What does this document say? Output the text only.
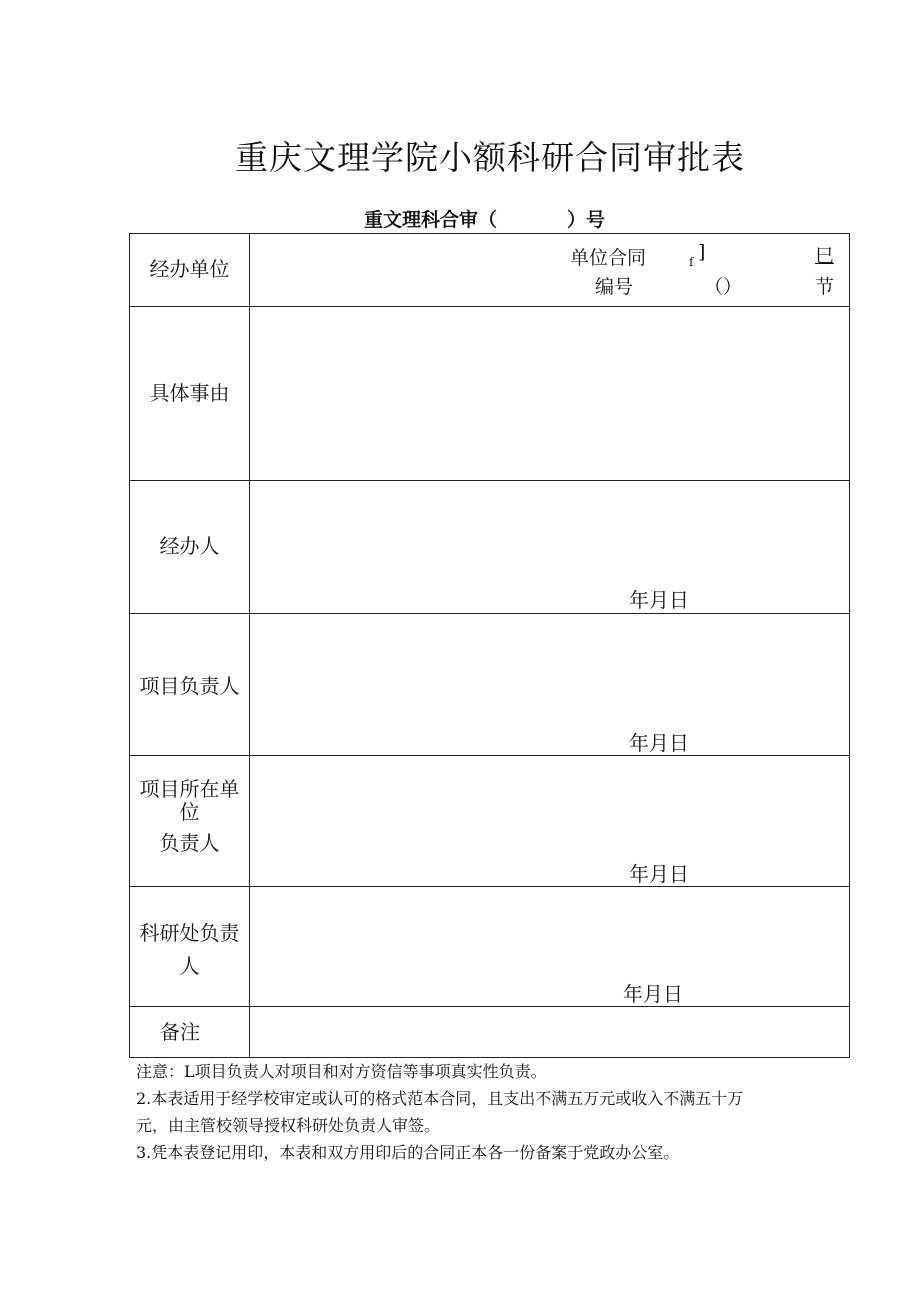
重庆文理学院小额科研合同审批表
重文理科合审（	）号
经办单位	单位合同
编号
f ]
（）
巳
节
具体事由
经办人
年月日
项目负责人
年月日
项目所在单
位
负责人
年月日
科研处负责
人
年月日
备注

注意：L项目负责人对项目和对方资信等事项真实性负责。

2.本表适用于经学校审定或认可的格式范本合同，且支出不满五万元或收入不满五十万

元，由主管校领导授权科研处负责人审签。

3.凭本表登记用印，本表和双方用印后的合同正本各一份备案于党政办公室。
